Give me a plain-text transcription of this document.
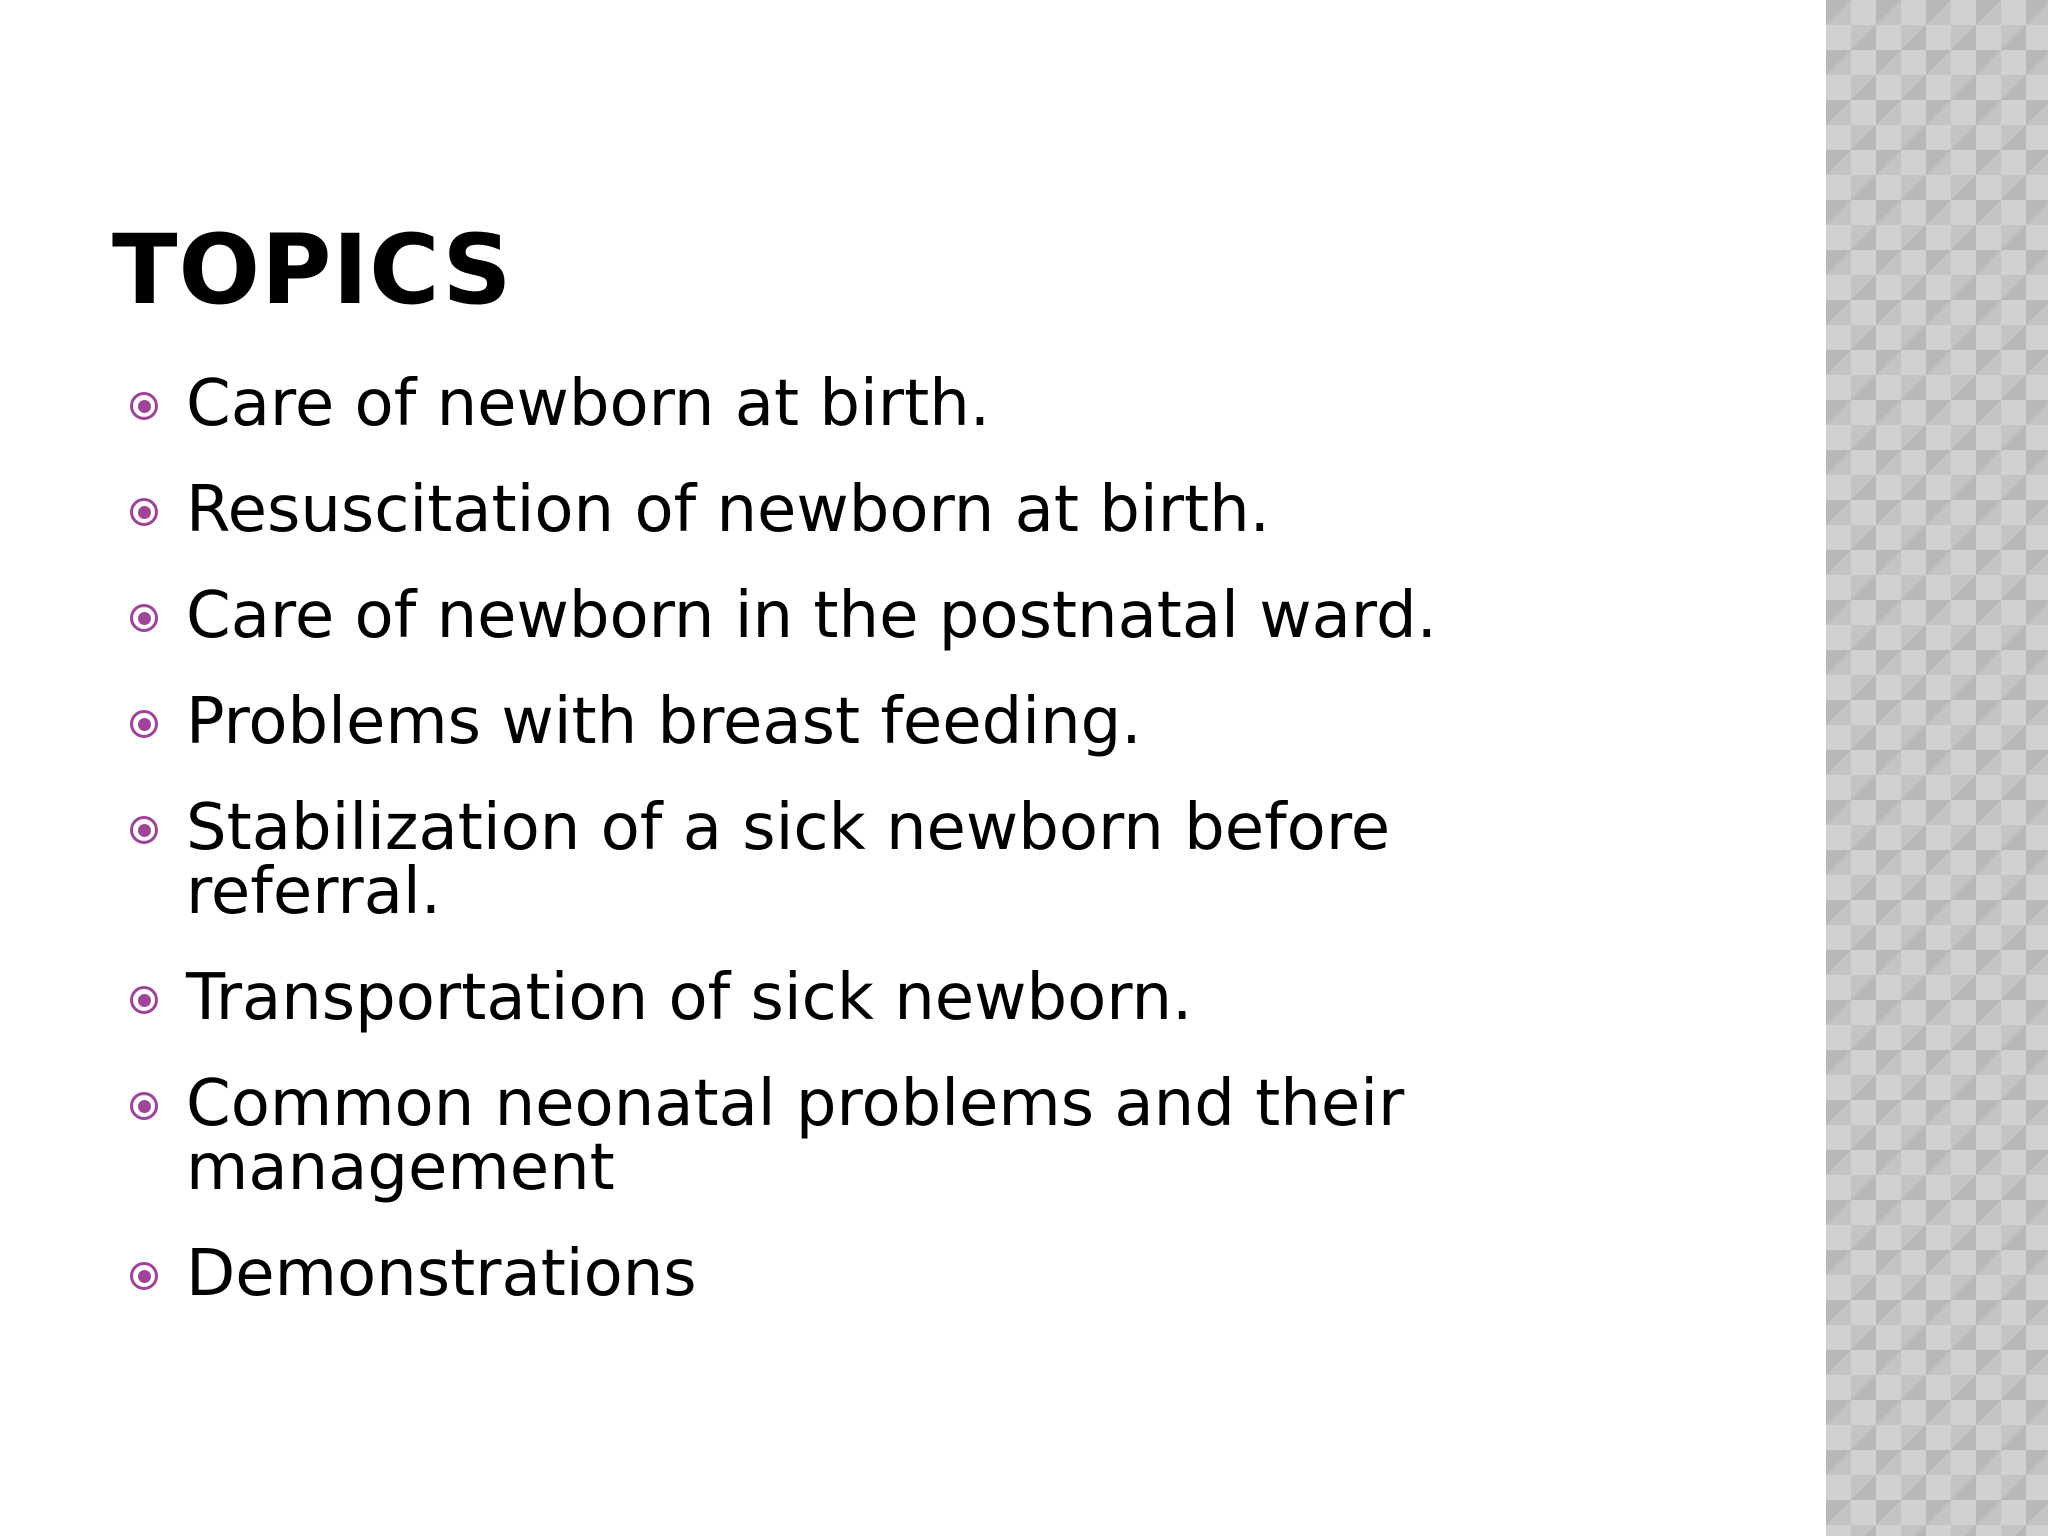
TOPICS
Care of newborn at birth.
Resuscitation of newborn at birth.
Care of newborn in the postnatal ward.
Problems with breast feeding.
Stabilization of a sick newborn before referral.
Transportation of sick newborn.
Common neonatal problems and their management
Demonstrations
